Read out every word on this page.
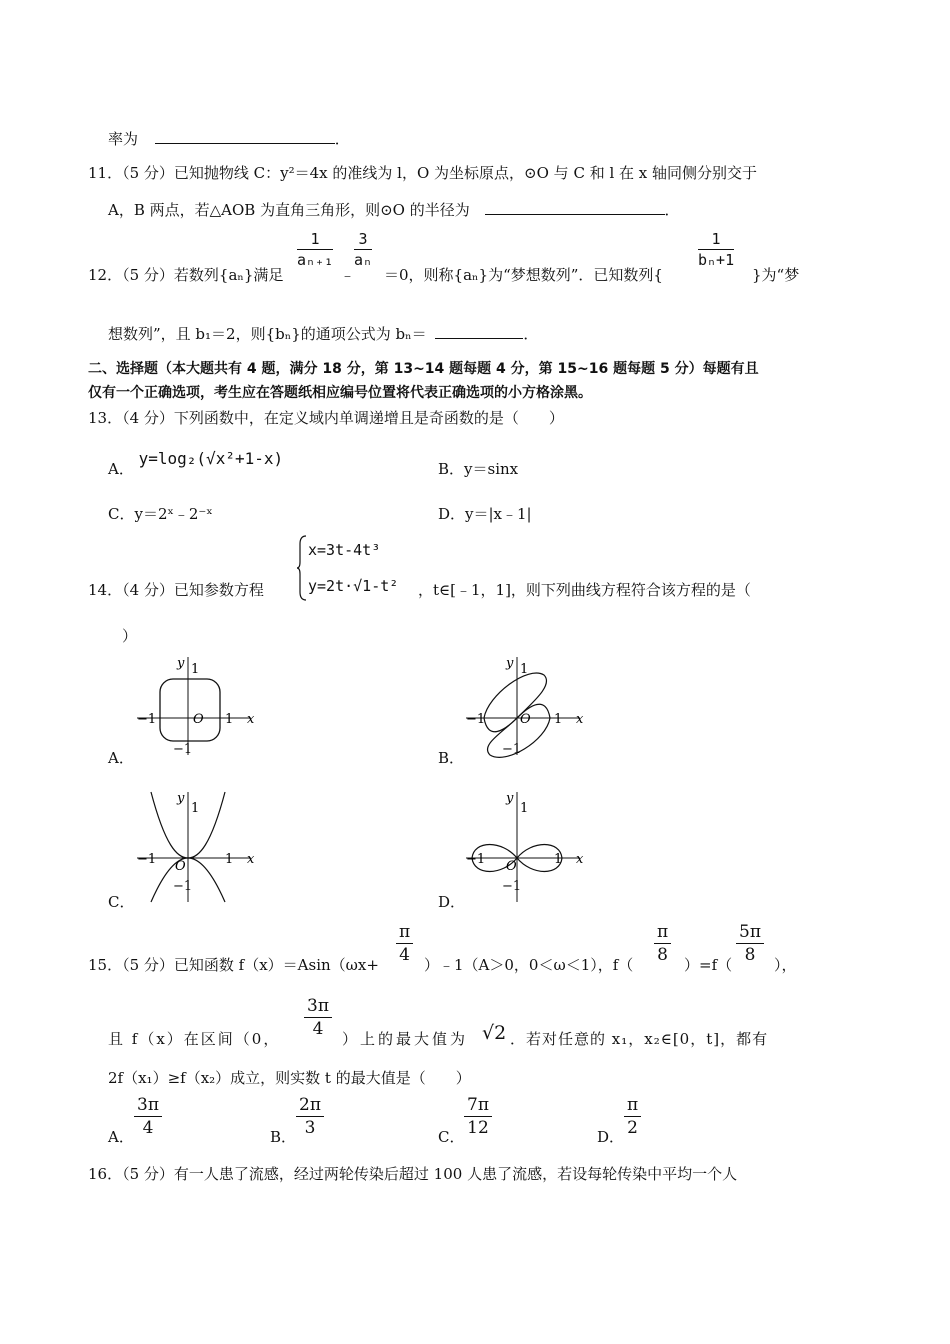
率为	．
11．（5 分）已知抛物线 C：y²＝4x 的准线为 l，O 为坐标原点，⊙O 与 C 和 l 在 x 轴同侧分别交于
A，B 两点，若△AOB 为直角三角形，则⊙O 的半径为	．
12．（5 分）若数列{aₙ}满足
$\frac{1}{\text{aₙ₊₁}}$
﹣
$\frac{3}{\text{aₙ}}$
＝0，则称{aₙ}为“梦想数列”．已知数列{
$\frac{1}{\text{bₙ+1}}$
}为“梦
想数列”，且 b₁＝2，则{bₙ}的通项公式为 bₙ＝	．
二、选择题（本大题共有 4 题，满分 18 分，第 13~14 题每题 4 分，第 15~16 题每题 5 分）每题有且
仅有一个正确选项，考生应在答题纸相应编号位置将代表正确选项的小方格涂黑。
13．（4 分）下列函数中，在定义域内单调递增且是奇函数的是（　　）
A． y=log₂(√x²+1-x)
B．y＝sinx
C．y＝2ˣ﹣2⁻ˣ	D．y＝|x﹣1|
14．（4 分）已知参数方程
x=3t-4t³
y=2t·√1-t² ，t∈[﹣1，1]，则下列曲线方程符合该方程的是（
）
y
x
O
1
−1
1
−1
y
x
O
1
−1
1
−1
y
x
O
1
−1
1
−1
y
x
O
1
−1
1
−1
A．	B．
C．	D．
15．（5 分）已知函数 f（x）＝Asin（ωx+
$\frac{\pi}{4}$
）﹣1（A＞0，0＜ω＜1），f（
$\frac{\pi}{8}$
）=f（
$\frac{5\pi}{8}$
），
且 f（x）在区间（0，
$\frac{3\pi}{4}$
）上的最大值为 √2 ．若对任意的 x₁，x₂∈[0，t]，都有
2f（x₁）≥f（x₂）成立，则实数 t 的最大值是（　　）
A． $\frac{3\pi}{4}$	B． $\frac{2\pi}{3}$	C． $\frac{7\pi}{12}$	D． $\frac{\pi}{2}$
16．（5 分）有一人患了流感，经过两轮传染后超过 100 人患了流感，若设每轮传染中平均一个人
